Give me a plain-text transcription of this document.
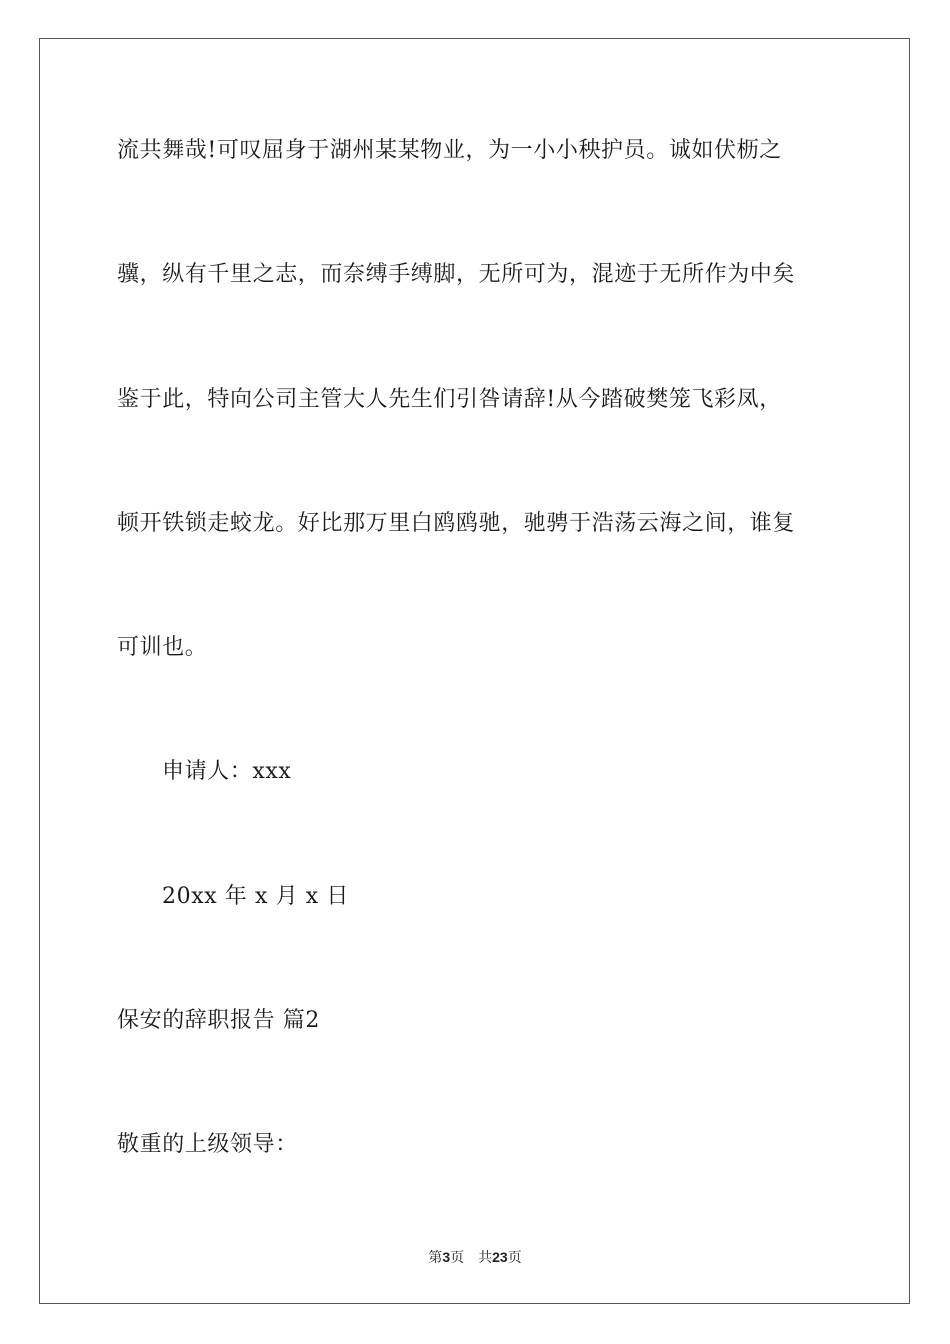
流共舞哉!可叹屈身于湖州某某物业，为一小小秧护员。诚如伏枥之
骥，纵有千里之志，而奈缚手缚脚，无所可为，混迹于无所作为中矣
鉴于此，特向公司主管大人先生们引咎请辞!从今踏破樊笼飞彩凤，
顿开铁锁走蛟龙。好比那万里白鸥鸥驰，驰骋于浩荡云海之间，谁复
可训也。
申请人：xxx
20xx 年 x 月 x 日
保安的辞职报告 篇2
敬重的上级领导：
第3页 共23页
